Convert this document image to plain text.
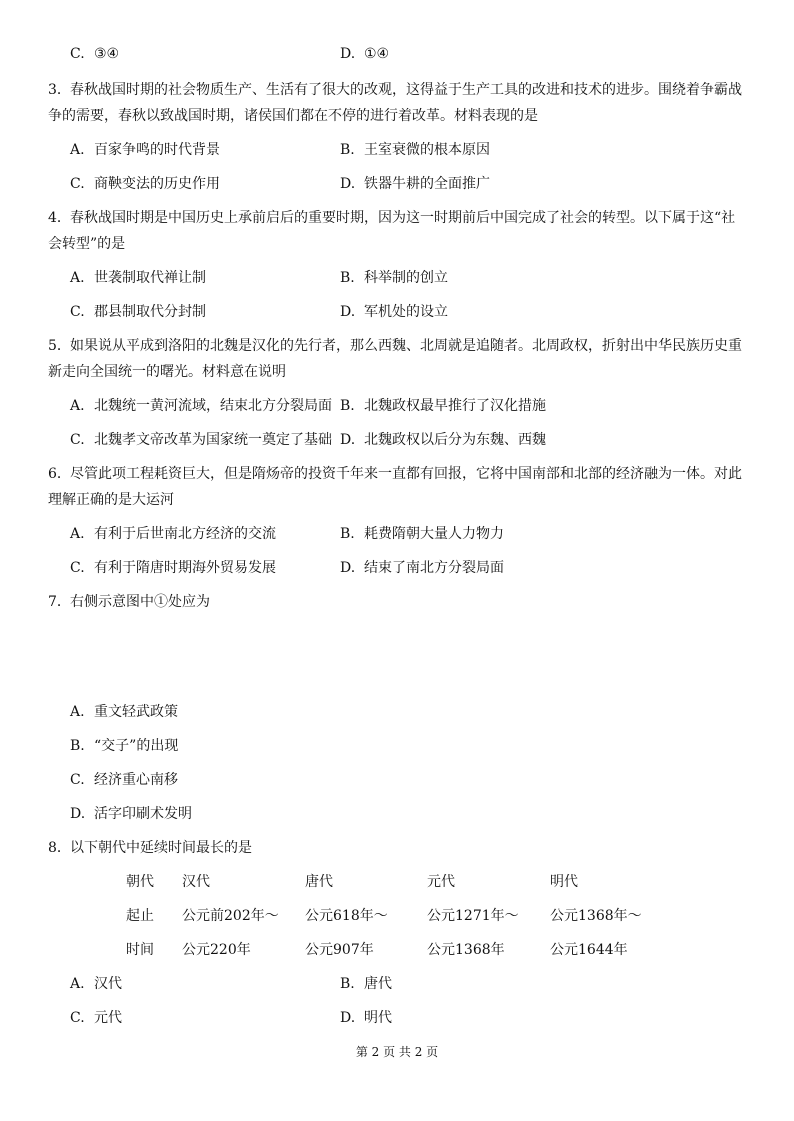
C. ③④	D. ①④
3．春秋战国时期的社会物质生产、生活有了很大的改观，这得益于生产工具的改进和技术的进步。围绕着争霸战
争的需要，春秋以致战国时期，诸侯国们都在不停的进行着改革。材料表现的是
A. 百家争鸣的时代背景	B. 王室衰微的根本原因
C. 商鞅变法的历史作用	D. 铁器牛耕的全面推广
4．春秋战国时期是中国历史上承前启后的重要时期，因为这一时期前后中国完成了社会的转型。以下属于这“社
会转型”的是
A. 世袭制取代禅让制	B. 科举制的创立
C. 郡县制取代分封制	D. 军机处的设立
5．如果说从平成到洛阳的北魏是汉化的先行者，那么西魏、北周就是追随者。北周政权，折射出中华民族历史重
新走向全国统一的曙光。材料意在说明
A. 北魏统一黄河流域，结束北方分裂局面 B. 北魏政权最早推行了汉化措施
C. 北魏孝文帝改革为国家统一奠定了基础 D. 北魏政权以后分为东魏、西魏
6．尽管此项工程耗资巨大，但是隋炀帝的投资千年来一直都有回报，它将中国南部和北部的经济融为一体。对此
理解正确的是大运河
A. 有利于后世南北方经济的交流	B. 耗费隋朝大量人力物力
C. 有利于隋唐时期海外贸易发展	D. 结束了南北方分裂局面
7．右侧示意图中①处应为
A. 重文轻武政策
B. “交子”的出现
C. 经济重心南移
D. 活字印刷术发明
8．以下朝代中延续时间最长的是
朝代 汉代	唐代	元代	明代
起止 公元前202年～ 公元618年～	公元1271年～ 公元1368年～
时间 公元220年	公元907年	公元1368年	公元1644年
A. 汉代	B. 唐代
C. 元代	D. 明代
第 2 页 共 2 页
